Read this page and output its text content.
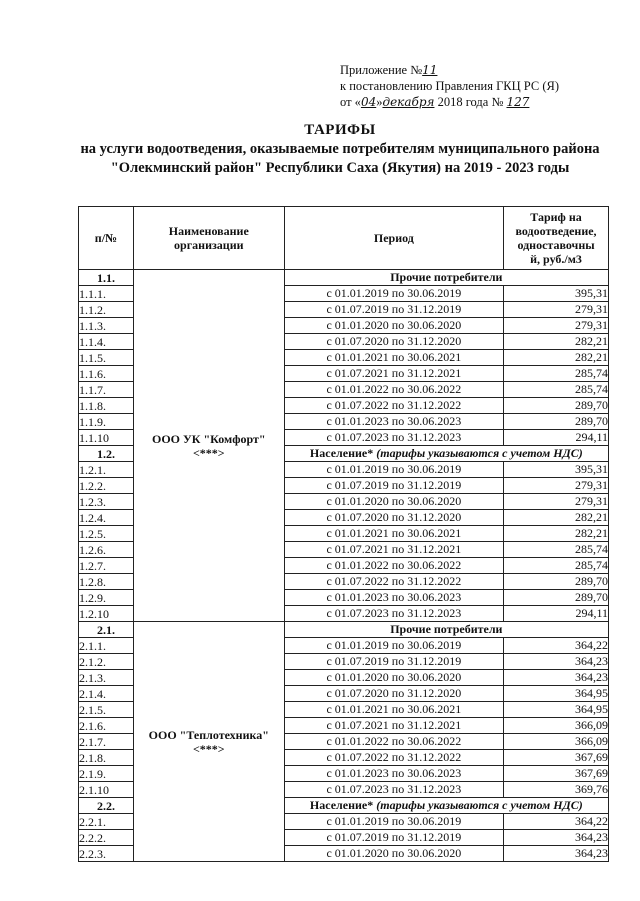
Приложение №11
к постановлению Правления ГКЦ РС (Я)
от «04»декабря 2018 года № 127
ТАРИФЫ
на услуги водоотведения, оказываемые потребителям муниципального района "Олекминский район" Республики Саха (Якутия) на 2019 - 2023 годы
п/№	Наименование организации	Период	Тариф на
водоотведение,
одноставочны
й, руб./м3

1.1.	ООО УК "Комфорт"
<***>	Прочие потребители	
1.1.1.		с 01.01.2019 по 30.06.2019	395,31
1.1.2.		с 01.07.2019 по 31.12.2019	279,31
1.1.3.		с 01.01.2020 по 30.06.2020	279,31
1.1.4.		с 01.07.2020 по 31.12.2020	282,21
1.1.5.		с 01.01.2021 по 30.06.2021	282,21
1.1.6.		с 01.07.2021 по 31.12.2021	285,74
1.1.7.		с 01.01.2022 по 30.06.2022	285,74
1.1.8.		с 01.07.2022 по 31.12.2022	289,70
1.1.9.		с 01.01.2023 по 30.06.2023	289,70
1.1.10		с 01.07.2023 по 31.12.2023	294,11
1.2.		Население* (тарифы указываются с учетом НДС)	
1.2.1.		с 01.01.2019 по 30.06.2019	395,31
1.2.2.		с 01.07.2019 по 31.12.2019	279,31
1.2.3.		с 01.01.2020 по 30.06.2020	279,31
1.2.4.		с 01.07.2020 по 31.12.2020	282,21
1.2.5.		с 01.01.2021 по 30.06.2021	282,21
1.2.6.		с 01.07.2021 по 31.12.2021	285,74
1.2.7.		с 01.01.2022 по 30.06.2022	285,74
1.2.8.		с 01.07.2022 по 31.12.2022	289,70
1.2.9.		с 01.01.2023 по 30.06.2023	289,70
1.2.10		с 01.07.2023 по 31.12.2023	294,11
2.1.	ООО "Теплотехника"
<***>	Прочие потребители	
2.1.1.		с 01.01.2019 по 30.06.2019	364,22
2.1.2.		с 01.07.2019 по 31.12.2019	364,23
2.1.3.		с 01.01.2020 по 30.06.2020	364,23
2.1.4.		с 01.07.2020 по 31.12.2020	364,95
2.1.5.		с 01.01.2021 по 30.06.2021	364,95
2.1.6.		с 01.07.2021 по 31.12.2021	366,09
2.1.7.		с 01.01.2022 по 30.06.2022	366,09
2.1.8.		с 01.07.2022 по 31.12.2022	367,69
2.1.9.		с 01.01.2023 по 30.06.2023	367,69
2.1.10		с 01.07.2023 по 31.12.2023	369,76
2.2.		Население* (тарифы указываются с учетом НДС)	
2.2.1.		с 01.01.2019 по 30.06.2019	364,22
2.2.2.		с 01.07.2019 по 31.12.2019	364,23
2.2.3.		с 01.01.2020 по 30.06.2020	364,23
